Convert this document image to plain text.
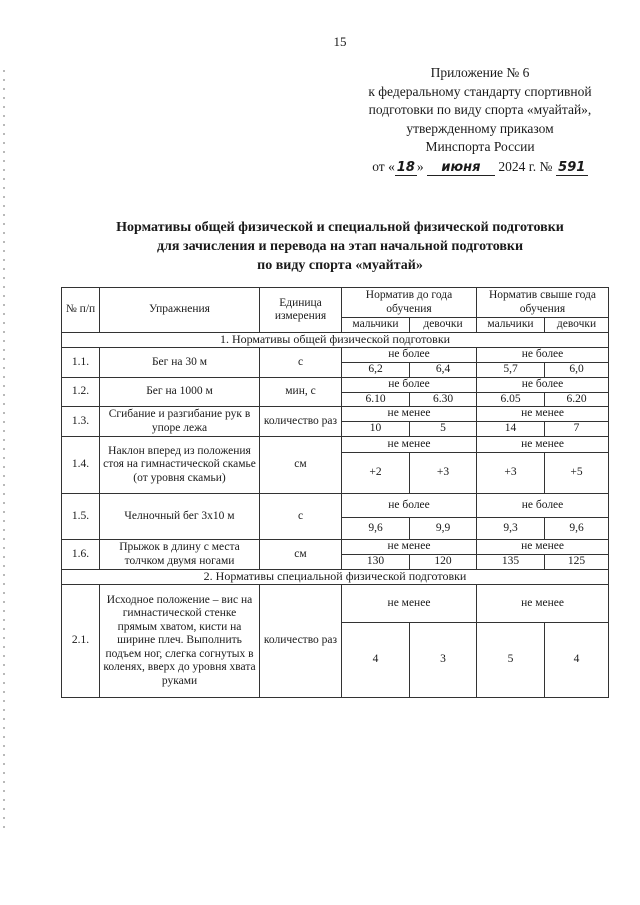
15
Приложение № 6
к федеральному стандарту спортивной
подготовки по виду спорта «муайтай»,
утвержденному приказом
Минспорта России
от « 18 » июня 2024 г. № 591
Нормативы общей физической и специальной физической подготовки
для зачисления и перевода на этап начальной подготовки
по виду спорта «муайтай»
№ п/п	Упражнения	Единица измерения	Норматив до года обучения		Норматив свыше года обучения	
			мальчики	девочки	мальчики	девочки
1. Нормативы общей физической подготовки						
1.1.	Бег на 30 м	с	не более		не более	
			6,2	6,4	5,7	6,0
1.2.	Бег на 1000 м	мин, с	не более		не более	
			6.10	6.30	6.05	6.20
1.3.	Сгибание и разгибание рук в упоре лежа	количество раз	не менее		не менее	
			10	5	14	7
1.4.	Наклон вперед из положения стоя на гимнастической скамье (от уровня скамьи)	см	не менее		не менее	
			+2	+3	+3	+5
1.5.	Челночный бег 3х10 м	с	не более		не более	
			9,6	9,9	9,3	9,6
1.6.	Прыжок в длину с места толчком двумя ногами	см	не менее		не менее	
			130	120	135	125
2. Нормативы специальной физической подготовки						
2.1.	Исходное положение – вис на гимнастической стенке прямым хватом, кисти на ширине плеч. Выполнить подъем ног, слегка согнутых в коленях, вверх до уровня хвата руками	количество раз	не менее		не менее	
			4	3	5	4
